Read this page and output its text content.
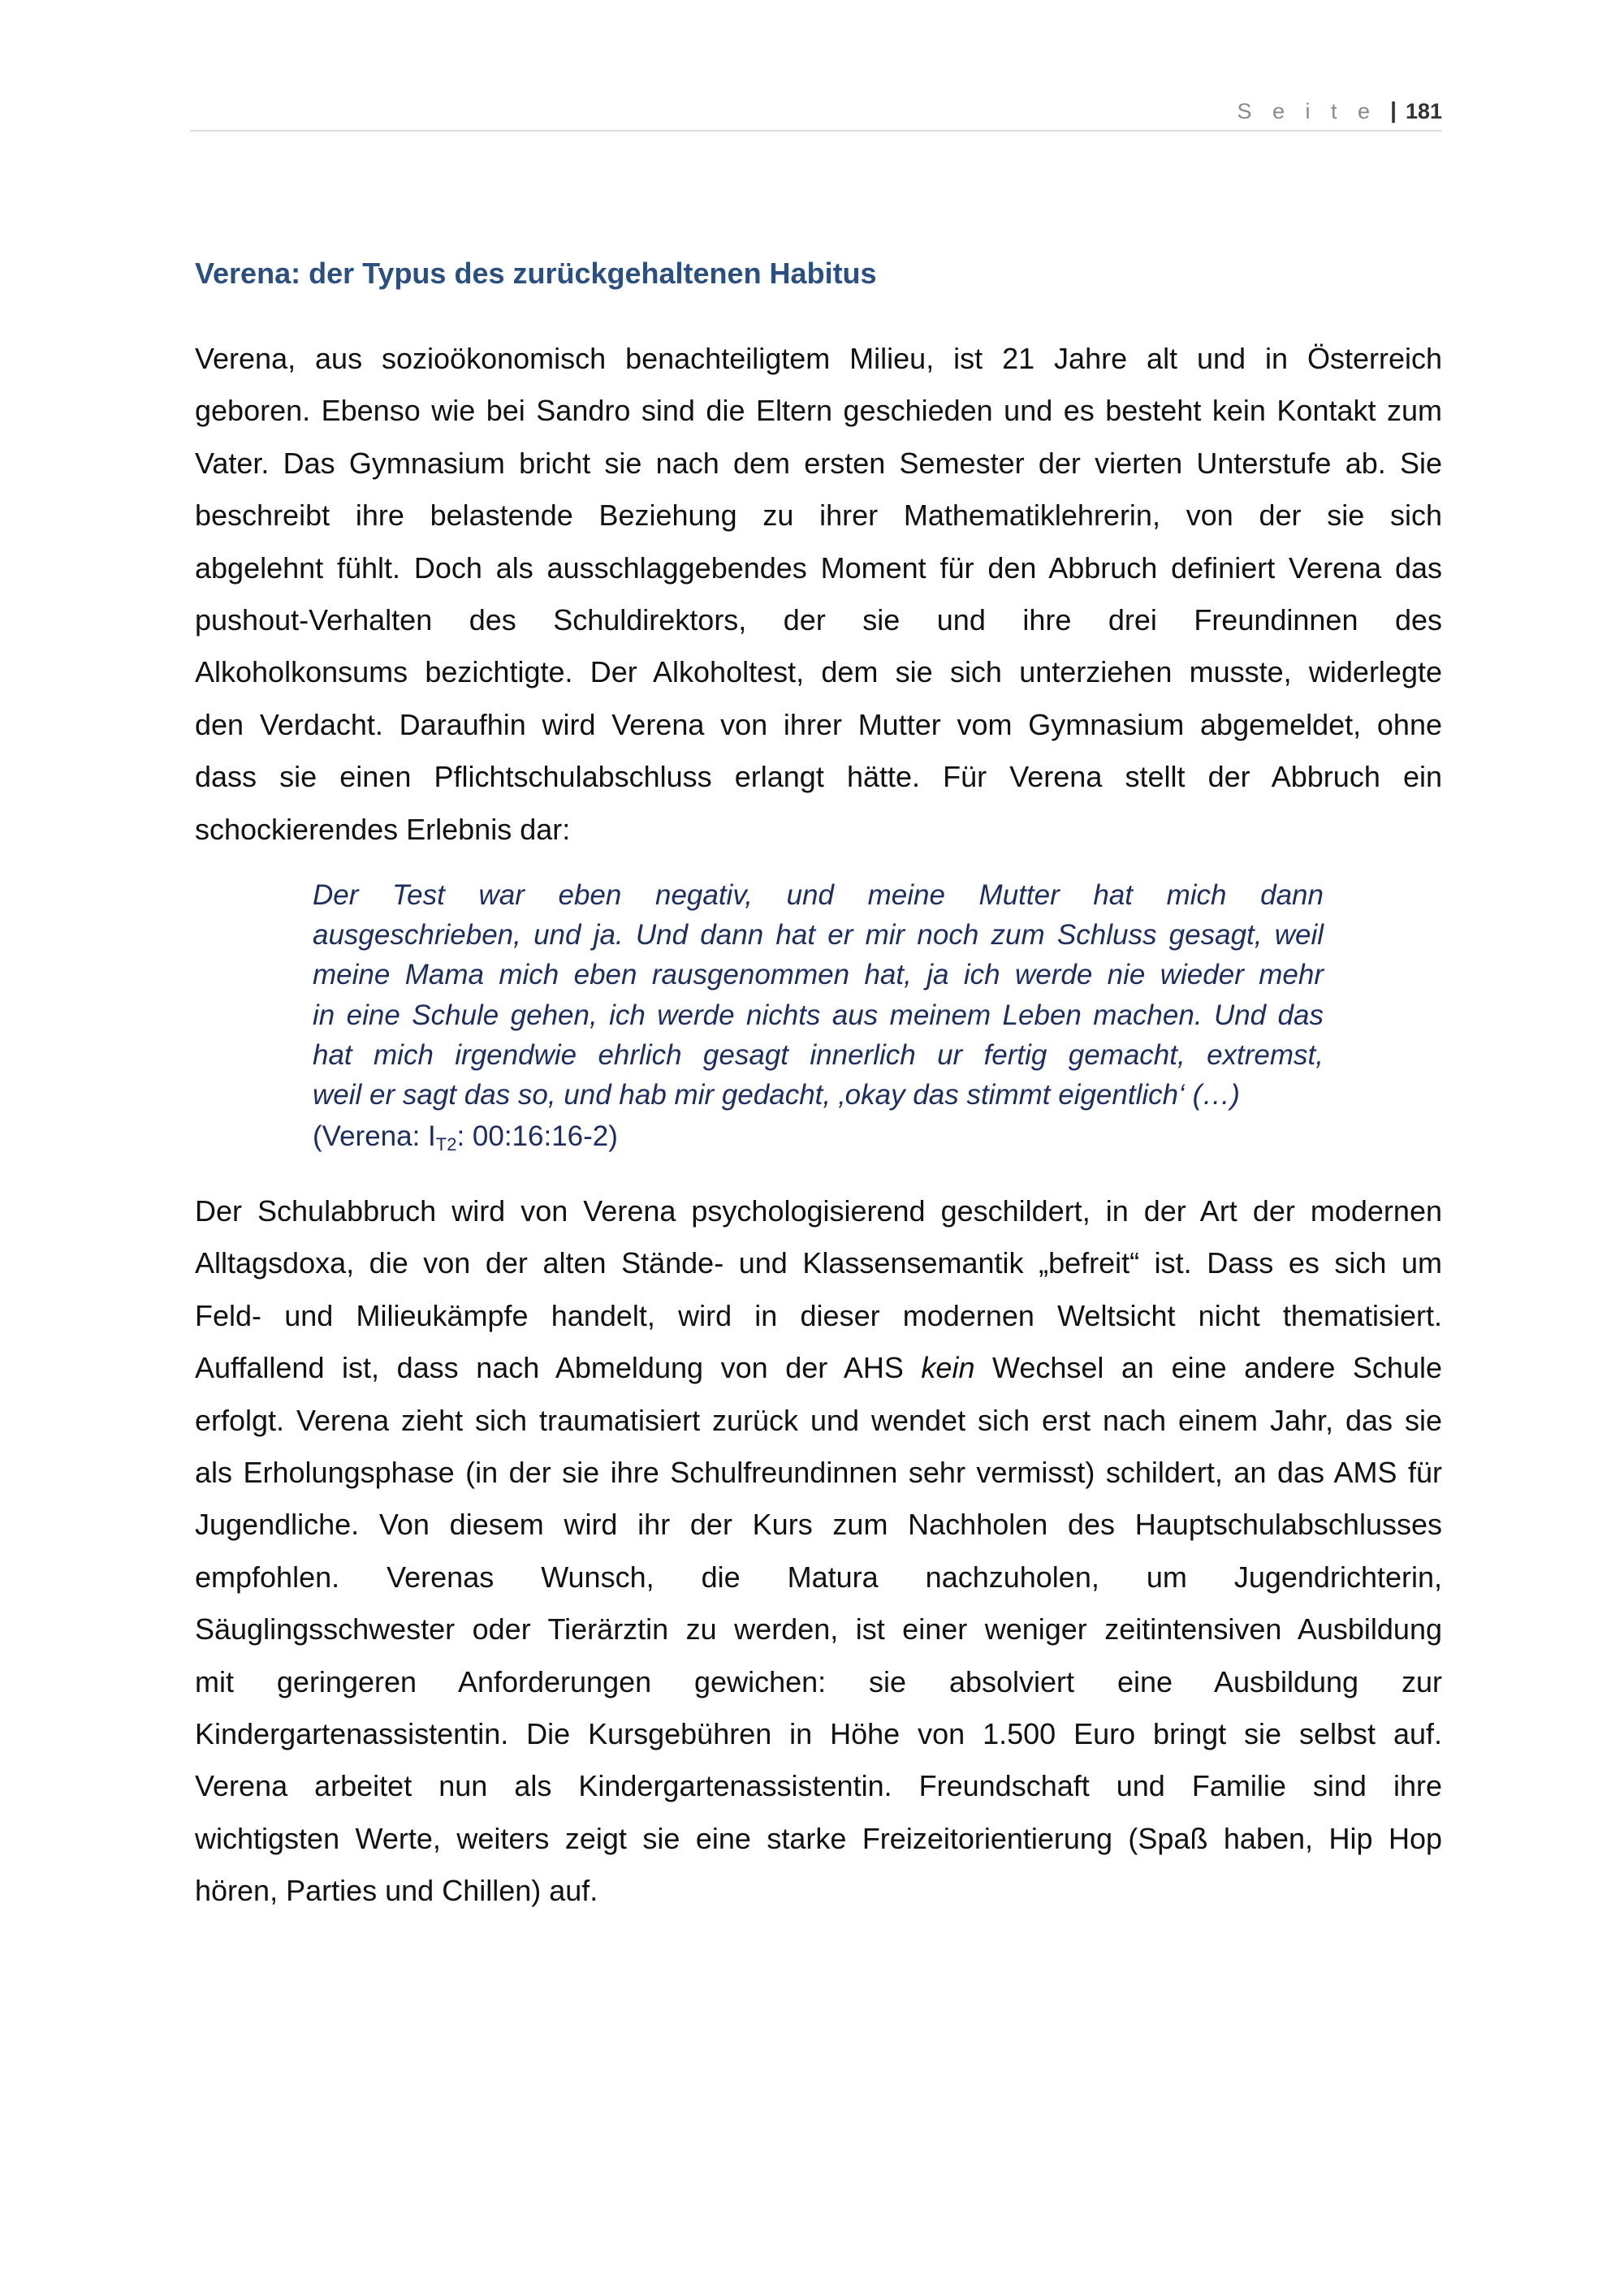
S e i t e | 181
Verena: der Typus des zurückgehaltenen Habitus

Verena, aus sozioökonomisch benachteiligtem Milieu, ist 21 Jahre alt und in Österreich
geboren. Ebenso wie bei Sandro sind die Eltern geschieden und es besteht kein Kontakt zum
Vater. Das Gymnasium bricht sie nach dem ersten Semester der vierten Unterstufe ab. Sie
beschreibt ihre belastende Beziehung zu ihrer Mathematiklehrerin, von der sie sich
abgelehnt fühlt. Doch als ausschlaggebendes Moment für den Abbruch definiert Verena das
pushout-Verhalten des Schuldirektors, der sie und ihre drei Freundinnen des
Alkoholkonsums bezichtigte. Der Alkoholtest, dem sie sich unterziehen musste, widerlegte
den Verdacht. Daraufhin wird Verena von ihrer Mutter vom Gymnasium abgemeldet, ohne
dass sie einen Pflichtschulabschluss erlangt hätte. Für Verena stellt der Abbruch ein
schockierendes Erlebnis dar:

Der Test war eben negativ, und meine Mutter hat mich dann
ausgeschrieben, und ja. Und dann hat er mir noch zum Schluss gesagt, weil
meine Mama mich eben rausgenommen hat, ja ich werde nie wieder mehr
in eine Schule gehen, ich werde nichts aus meinem Leben machen. Und das
hat mich irgendwie ehrlich gesagt innerlich ur fertig gemacht, extremst,
weil er sagt das so, und hab mir gedacht, ‚okay das stimmt eigentlich‘ (…)

(Verena: $I_{T2}$: 00:16:16-2)

Der Schulabbruch wird von Verena psychologisierend geschildert, in der Art der modernen
Alltagsdoxa, die von der alten Stände- und Klassensemantik „befreit“ ist. Dass es sich um
Feld- und Milieukämpfe handelt, wird in dieser modernen Weltsicht nicht thematisiert.
Auffallend ist, dass nach Abmeldung von der AHS kein Wechsel an eine andere Schule
erfolgt. Verena zieht sich traumatisiert zurück und wendet sich erst nach einem Jahr, das sie
als Erholungsphase (in der sie ihre Schulfreundinnen sehr vermisst) schildert, an das AMS für
Jugendliche. Von diesem wird ihr der Kurs zum Nachholen des Hauptschulabschlusses
empfohlen. Verenas Wunsch, die Matura nachzuholen, um Jugendrichterin,
Säuglingsschwester oder Tierärztin zu werden, ist einer weniger zeitintensiven Ausbildung
mit geringeren Anforderungen gewichen: sie absolviert eine Ausbildung zur
Kindergartenassistentin. Die Kursgebühren in Höhe von 1.500 Euro bringt sie selbst auf.
Verena arbeitet nun als Kindergartenassistentin. Freundschaft und Familie sind ihre
wichtigsten Werte, weiters zeigt sie eine starke Freizeitorientierung (Spaß haben, Hip Hop
hören, Parties und Chillen) auf.
